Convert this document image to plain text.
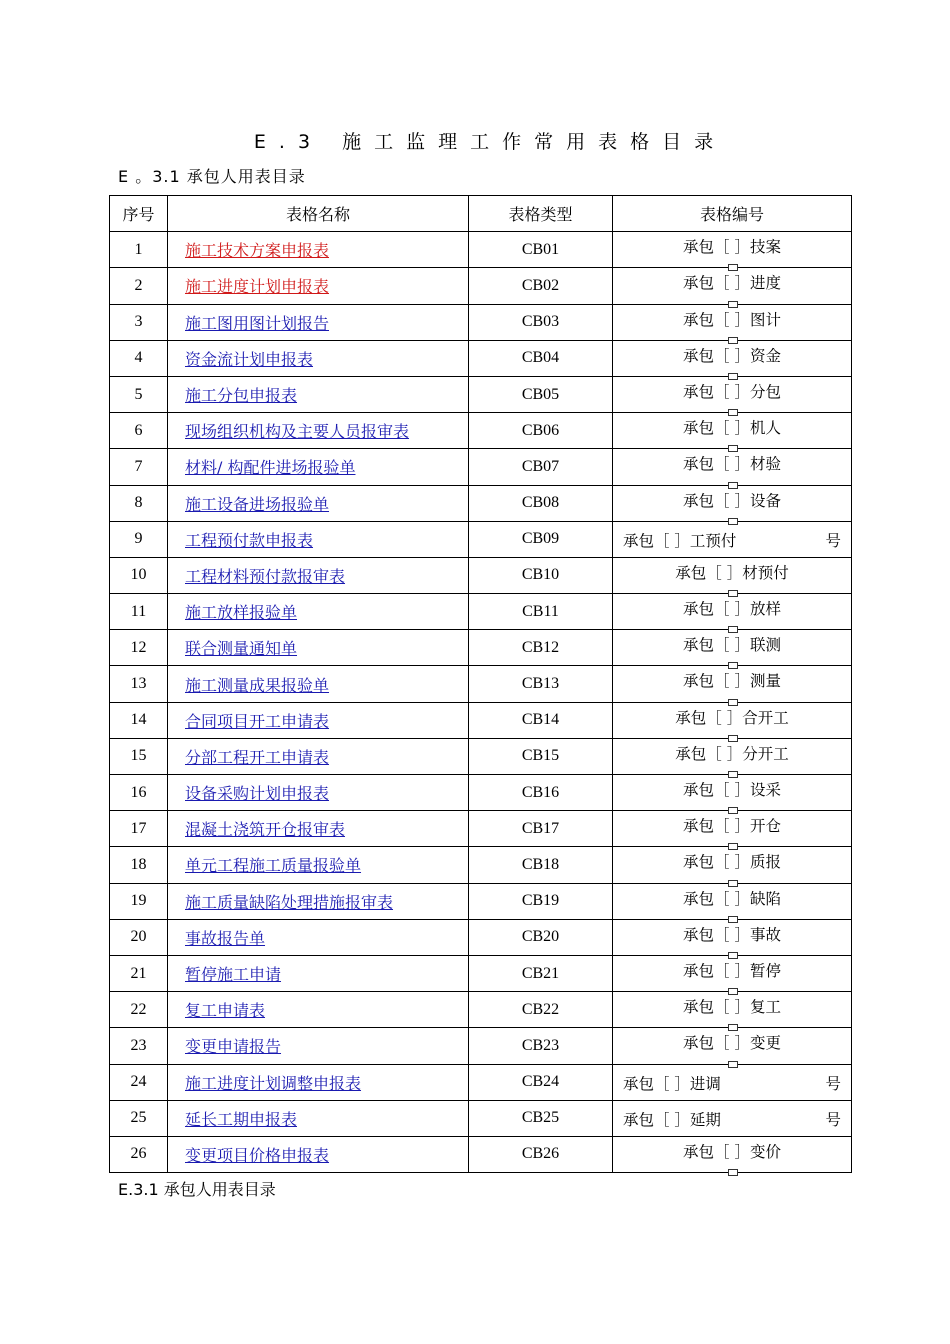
E.3 施工监理工作常用表格目录
E 。3.1 承包人用表目录
序号	表格名称	表格类型	表格编号
1	施工技术方案申报表	CB01	承包［ ］技案

2	施工进度计划申报表	CB02	承包［ ］进度

3	施工图用图计划报告	CB03	承包［ ］图计

4	资金流计划申报表	CB04	承包［ ］资金

5	施工分包申报表	CB05	承包［ ］分包

6	现场组织机构及主要人员报审表	CB06	承包［ ］机人

7	材料/ 构配件进场报验单	CB07	承包［ ］材验

8	施工设备进场报验单	CB08	承包［ ］设备

9	工程预付款申报表	CB09	承包［ ］工预付 号

10	工程材料预付款报审表	CB10	承包［ ］材预付

11	施工放样报验单	CB11	承包［ ］放样

12	联合测量通知单	CB12	承包［ ］联测

13	施工测量成果报验单	CB13	承包［ ］测量

14	合同项目开工申请表	CB14	承包［ ］合开工

15	分部工程开工申请表	CB15	承包［ ］分开工

16	设备采购计划申报表	CB16	承包［ ］设采

17	混凝土浇筑开仓报审表	CB17	承包［ ］开仓

18	单元工程施工质量报验单	CB18	承包［ ］质报

19	施工质量缺陷处理措施报审表	CB19	承包［ ］缺陷

20	事故报告单	CB20	承包［ ］事故

21	暂停施工申请	CB21	承包［ ］暂停

22	复工申请表	CB22	承包［ ］复工

23	变更申请报告	CB23	承包［ ］变更

24	施工进度计划调整申报表	CB24	承包［ ］进调 号

25	延长工期申报表	CB25	承包［ ］延期 号

26	变更项目价格申报表	CB26	承包［ ］变价
E.3.1 承包人用表目录
